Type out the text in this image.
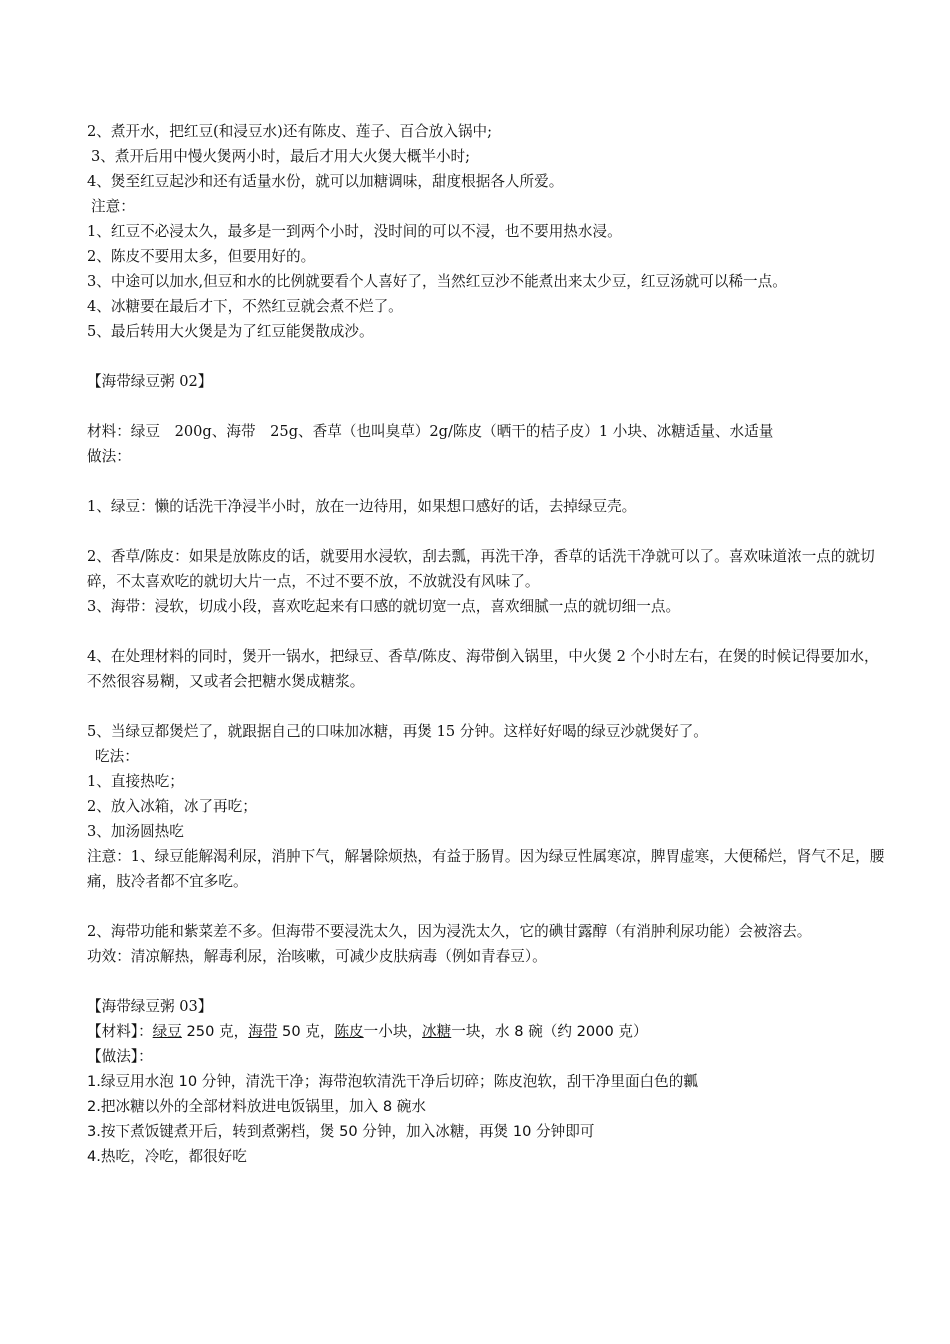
2、煮开水，把红豆(和浸豆水)还有陈皮、莲子、百合放入锅中;
3、煮开后用中慢火煲两小时，最后才用大火煲大概半小时;
4、煲至红豆起沙和还有适量水份，就可以加糖调味，甜度根据各人所爱。
注意：
1、红豆不必浸太久，最多是一到两个小时，没时间的可以不浸，也不要用热水浸。
2、陈皮不要用太多，但要用好的。
3、中途可以加水,但豆和水的比例就要看个人喜好了，当然红豆沙不能煮出来太少豆，红豆汤就可以稀一点。
4、冰糖要在最后才下，不然红豆就会煮不烂了。
5、最后转用大火煲是为了红豆能煲散成沙。
【海带绿豆粥 02】
材料：绿豆　200g、海带　25g、香草（也叫臭草）2g/陈皮（晒干的桔子皮）1 小块、冰糖适量、水适量
做法：
1、绿豆：懒的话洗干净浸半小时，放在一边待用，如果想口感好的话，去掉绿豆壳。
2、香草/陈皮：如果是放陈皮的话，就要用水浸软，刮去瓢，再洗干净，香草的话洗干净就可以了。喜欢味道浓一点的就切碎，不太喜欢吃的就切大片一点，不过不要不放，不放就没有风味了。
3、海带：浸软，切成小段，喜欢吃起来有口感的就切宽一点，喜欢细腻一点的就切细一点。
4、在处理材料的同时，煲开一锅水，把绿豆、香草/陈皮、海带倒入锅里，中火煲 2 个小时左右，在煲的时候记得要加水，不然很容易糊，又或者会把糖水煲成糖浆。
5、当绿豆都煲烂了，就跟据自己的口味加冰糖，再煲 15 分钟。这样好好喝的绿豆沙就煲好了。
吃法：
1、直接热吃；
2、放入冰箱，冰了再吃；
3、加汤圆热吃
注意：1、绿豆能解渴利尿，消肿下气，解暑除烦热，有益于肠胃。因为绿豆性属寒凉，脾胃虚寒，大便稀烂，肾气不足，腰痛，肢冷者都不宜多吃。
2、海带功能和紫菜差不多。但海带不要浸洗太久，因为浸洗太久，它的碘甘露醇（有消肿利尿功能）会被溶去。
功效：清凉解热，解毒利尿，治咳嗽，可减少皮肤病毒（例如青春豆）。
【海带绿豆粥 03】
【材料】：绿豆 250 克，海带 50 克，陈皮一小块，冰糖一块，水 8 碗（约 2000 克）
【做法】：
1.绿豆用水泡 10 分钟，清洗干净；海带泡软清洗干净后切碎；陈皮泡软，刮干净里面白色的瓤
2.把冰糖以外的全部材料放进电饭锅里，加入 8 碗水
3.按下煮饭键煮开后，转到煮粥档，煲 50 分钟，加入冰糖，再煲 10 分钟即可
4.热吃，冷吃，都很好吃
